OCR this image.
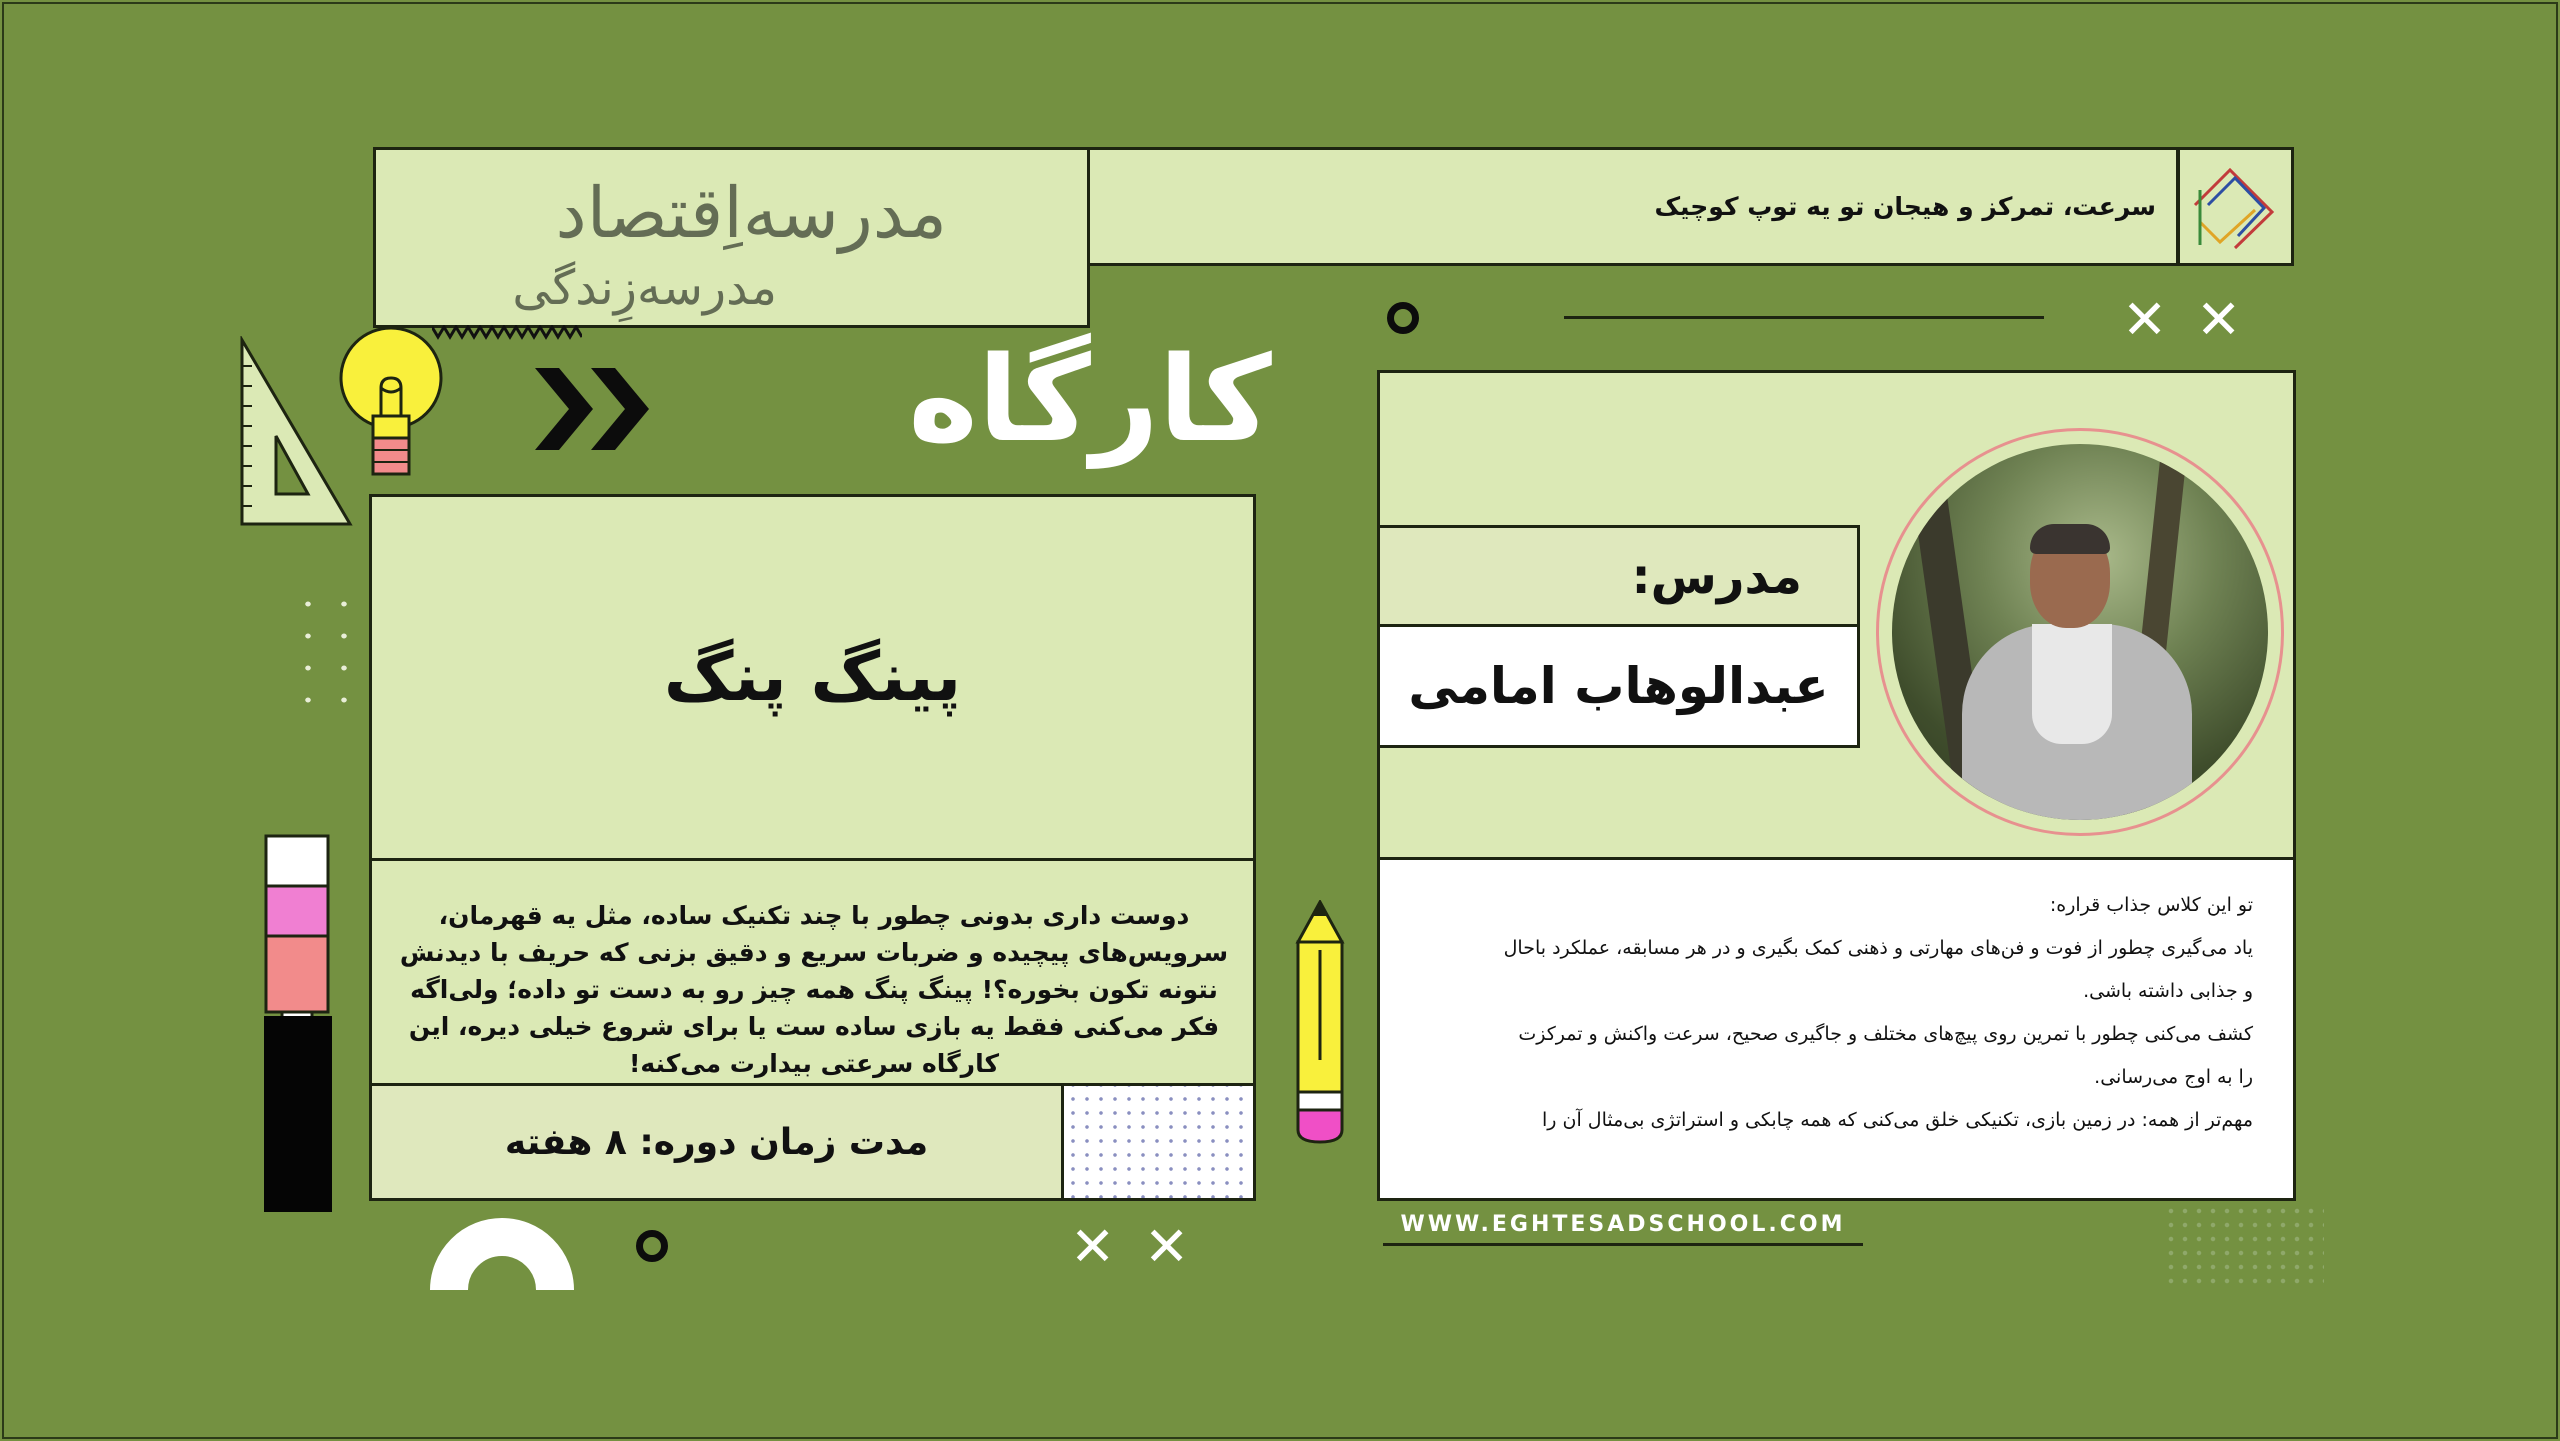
مدرسه‌اِقتصاد
مدرسه‌زِندگی
سرعت، تمرکز و هیجان تو یه توپ کوچیک
✕ ✕
کارگاه
پینگ پنگ
دوست داری بدونی چطور با چند تکنیک ساده، مثل یه قهرمان، سرویس‌های پیچیده و ضربات سریع و دقیق بزنی که حریف با دیدنش نتونه تکون بخوره؟! پینگ پنگ همه چیز رو به دست تو داده؛ ولی‌اگه فکر می‌کنی فقط یه بازی ساده ست یا برای شروع خیلی دیره، این کارگاه سرعتی بیدارت می‌کنه!
مدت زمان دوره: ۸ هفته
✕ ✕
مدرس:
عبدالوهاب امامی
تو این کلاس جذاب قراره:
یاد می‌گیری چطور از فوت و فن‌های مهارتی و ذهنی کمک بگیری و در هر مسابقه، عملکرد باحال
و جذابی داشته باشی.
کشف می‌کنی چطور با تمرین روی پیچ‌های مختلف و جاگیری صحیح، سرعت واکنش و تمرکزت
را به اوج می‌رسانی.
مهم‌تر از همه: در زمین بازی، تکنیکی خلق می‌کنی که همه چابکی و استراتژی بی‌مثال آن را
WWW.EGHTESADSCHOOL.COM
